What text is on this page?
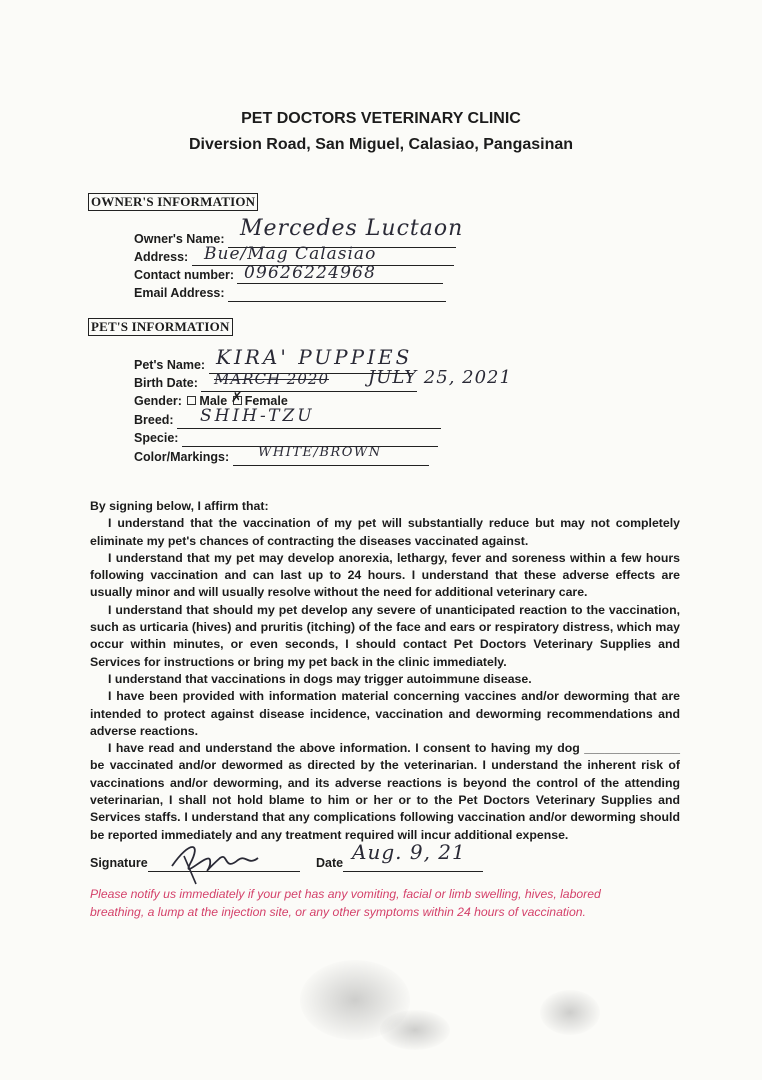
PET DOCTORS VETERINARY CLINIC
Diversion Road, San Miguel, Calasiao, Pangasinan
OWNER'S INFORMATION
Owner's Name: Mercedes Luctaon
Address: Bue/Mag Calasiao
Contact number: 09626224968
Email Address:
PET'S INFORMATION
Pet's Name: KIRA' PUPPIES
Birth Date:	MARCH 2020 JULY 25, 2021
Gender: Male ✗ Female
Breed:	SHIH-TZU
Specie:
Color/Markings:	WHITE/BROWN

By signing below, I affirm that:

I understand that the vaccination of my pet will substantially reduce but may not completely eliminate my pet's chances of contracting the diseases vaccinated against.

I understand that my pet may develop anorexia, lethargy, fever and soreness within a few hours following vaccination and can last up to 24 hours. I understand that these adverse effects are usually minor and will usually resolve without the need for additional veterinary care.

I understand that should my pet develop any severe of unanticipated reaction to the vaccination, such as urticaria (hives) and pruritis (itching) of the face and ears or respiratory distress, which may occur within minutes, or even seconds, I should contact Pet Doctors Veterinary Supplies and Services for instructions or bring my pet back in the clinic immediately.

I understand that vaccinations in dogs may trigger autoimmune disease.

I have been provided with information material concerning vaccines and/or deworming that are intended to protect against disease incidence, vaccination and deworming recommendations and adverse reactions.

I have read and understand the above information. I consent to having my dog ______________ be vaccinated and/or dewormed as directed by the veterinarian. I understand the inherent risk of vaccinations and/or deworming, and its adverse reactions is beyond the control of the attending veterinarian, I shall not hold blame to him or her or to the Pet Doctors Veterinary Supplies and Services staffs. I understand that any complications following vaccination and/or deworming should be reported immediately and any treatment required will incur additional expense.

Signature	Date Aug. 9, 21
Please notify us immediately if your pet has any vomiting, facial or limb swelling, hives, labored breathing, a lump at the injection site, or any other symptoms within 24 hours of vaccination.
